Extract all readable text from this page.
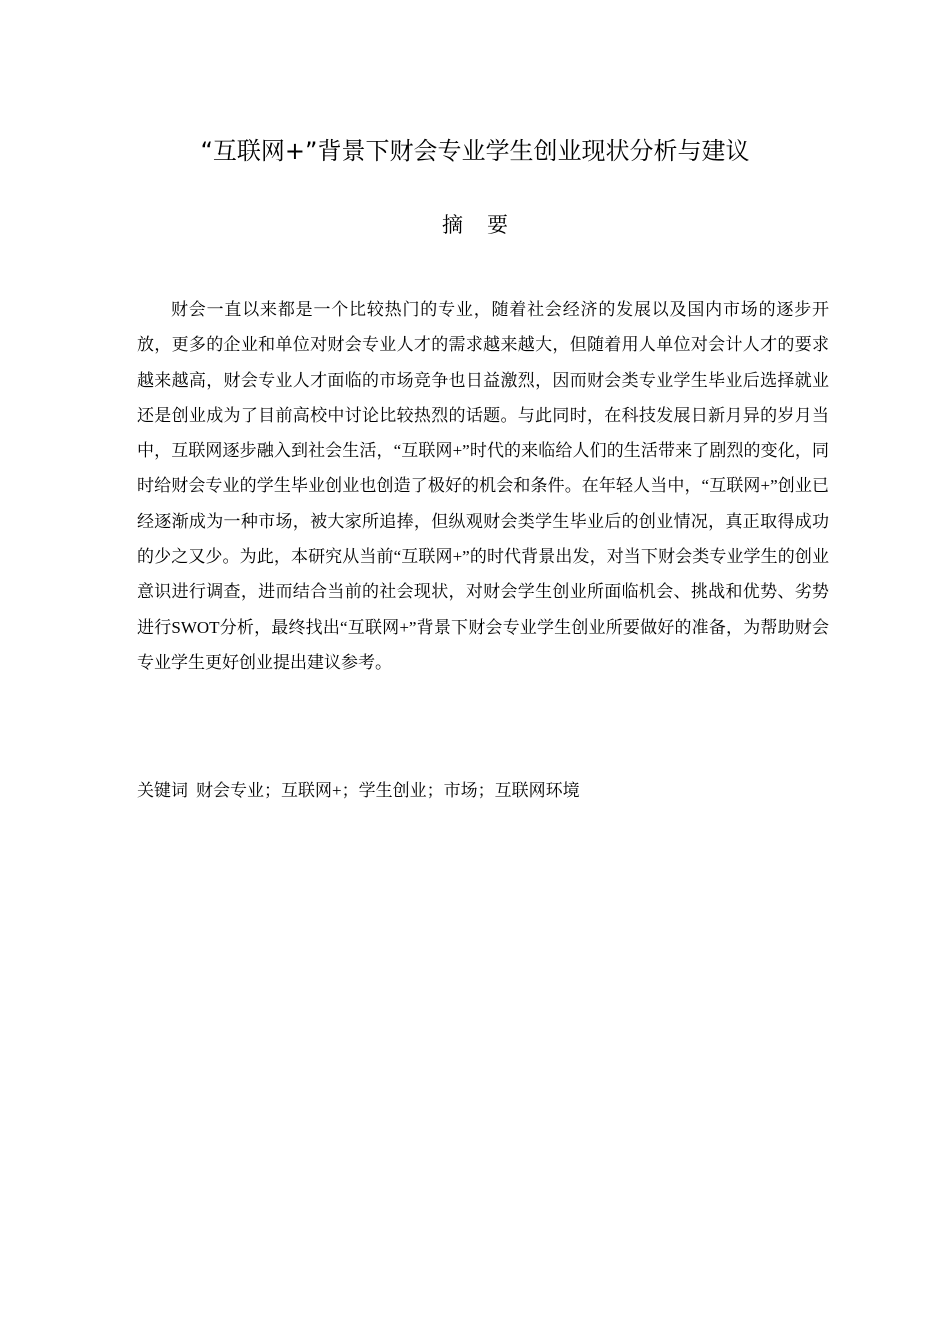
“互联网+”背景下财会专业学生创业现状分析与建议
摘 要

财会一直以来都是一个比较热门的专业，随着社会经济的发展以及国内市场的逐步开放，更多的企业和单位对财会专业人才的需求越来越大，但随着用人单位对会计人才的要求越来越高，财会专业人才面临的市场竞争也日益激烈，因而财会类专业学生毕业后选择就业还是创业成为了目前高校中讨论比较热烈的话题。与此同时，在科技发展日新月异的岁月当中，互联网逐步融入到社会生活，“互联网+”时代的来临给人们的生活带来了剧烈的变化，同时给财会专业的学生毕业创业也创造了极好的机会和条件。在年轻人当中，“互联网+”创业已经逐渐成为一种市场，被大家所追捧，但纵观财会类学生毕业后的创业情况，真正取得成功的少之又少。为此，本研究从当前“互联网+”的时代背景出发，对当下财会类专业学生的创业意识进行调查，进而结合当前的社会现状，对财会学生创业所面临机会、挑战和优势、劣势进行SWOT分析，最终找出“互联网+”背景下财会专业学生创业所要做好的准备，为帮助财会专业学生更好创业提出建议参考。

关键词 财会专业；互联网+；学生创业；市场；互联网环境
